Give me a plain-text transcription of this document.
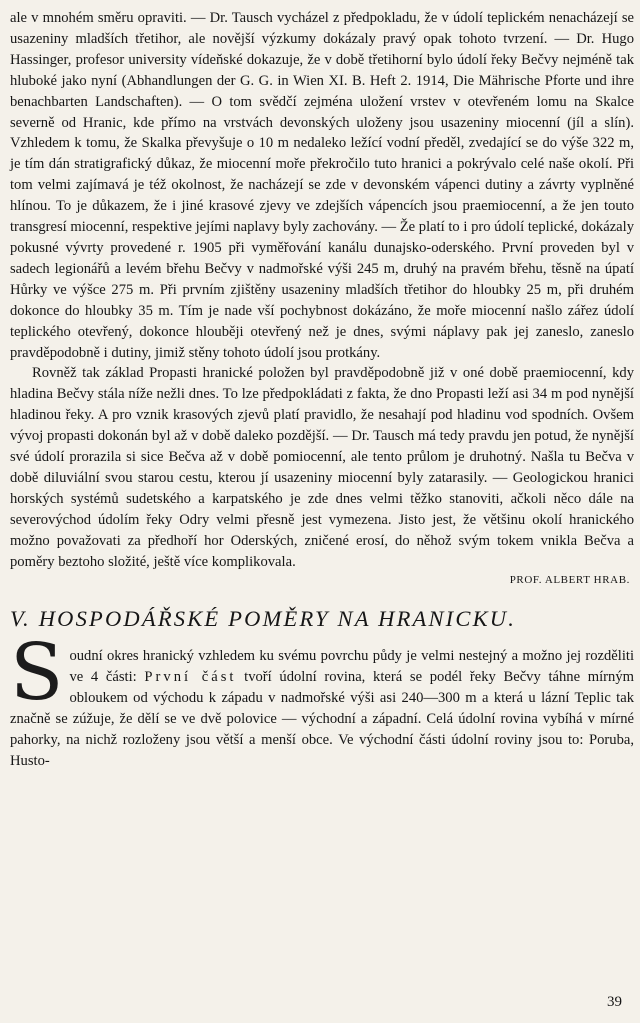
ale v mnohém směru opraviti. — Dr. Tausch vycházel z předpokladu, že v údolí teplickém nenacházejí se usazeniny mladších třetihor, ale novější výzkumy dokázaly pravý opak tohoto tvrzení. — Dr. Hugo Hassinger, profesor university vídeňské dokazuje, že v době třetihorní bylo údolí řeky Bečvy nejméně tak hluboké jako nyní (Abhandlungen der G. G. in Wien XI. B. Heft 2. 1914, Die Mährische Pforte und ihre benachbarten Landschaften). — O tom svědčí zejména uložení vrstev v otevřeném lomu na Skalce severně od Hranic, kde přímo na vrstvách devonských uloženy jsou usazeniny miocenní (jíl a slín). Vzhledem k tomu, že Skalka převyšuje o 10 m nedaleko ležící vodní předěl, zvedající se do výše 322 m, je tím dán stratigrafický důkaz, že miocenní moře překročilo tuto hranici a pokrývalo celé naše okolí. Při tom velmi zajímavá je též okolnost, že nacházejí se zde v devonském vápenci dutiny a závrty vyplněné hlínou. To je důkazem, že i jiné krasové zjevy ve zdejších vápencích jsou praemiocenní, a že jen touto transgresí miocenní, respektive jejími naplavy byly zachovány. — Že platí to i pro údolí teplické, dokázaly pokusné vývrty provedené r. 1905 při vyměřování kanálu dunajsko-oderského. První proveden byl v sadech legionářů a levém břehu Bečvy v nadmořské výši 245 m, druhý na pravém břehu, těsně na úpatí Hůrky ve výšce 275 m. Při prvním zjištěny usazeniny mladších třetihor do hloubky 25 m, při druhém dokonce do hloubky 35 m. Tím je nade vší pochybnost dokázáno, že moře miocenní našlo zářez údolí teplického otevřený, dokonce hlouběji otevřený než je dnes, svými náplavy pak jej zaneslo, zaneslo pravděpodobně i dutiny, jimiž stěny tohoto údolí jsou protkány.

Rovněž tak základ Propasti hranické položen byl pravděpodobně již v oné době praemiocenní, kdy hladina Bečvy stála níže nežli dnes. To lze předpokládati z fakta, že dno Propasti leží asi 34 m pod nynější hladinou řeky. A pro vznik krasových zjevů platí pravidlo, že nesahají pod hladinu vod spodních. Ovšem vývoj propasti dokonán byl až v době daleko pozdější. — Dr. Tausch má tedy pravdu jen potud, že nynější své údolí prorazila si sice Bečva až v době pomiocenní, ale tento průlom je druhotný. Našla tu Bečva v době diluviální svou starou cestu, kterou jí usazeniny miocenní byly zatarasily. — Geologickou hranici horských systémů sudetského a karpatského je zde dnes velmi těžko stanoviti, ačkoli něco dále na severovýchod údolím řeky Odry velmi přesně jest vymezena. Jisto jest, že většinu okolí hranického možno považovati za předhoří hor Oderských, zničené erosí, do něhož svým tokem vnikla Bečva a poměry beztoho složité, ještě více komplikovala.

PROF. ALBERT HRAB.
V. HOSPODÁŘSKÉ POMĚRY NA HRANICKU.

Soudní okres hranický vzhledem ku svému povrchu půdy je velmi nestejný a možno jej rozděliti ve 4 části: První část tvoří údolní rovina, která se podél řeky Bečvy táhne mírným obloukem od východu k západu v nadmořské výši asi 240—300 m a která u lázní Teplic tak značně se zúžuje, že dělí se ve dvě polovice — východní a západní. Celá údolní rovina vybíhá v mírné pahorky, na nichž rozloženy jsou větší a menší obce. Ve východní části údolní roviny jsou to: Poruba, Husto-

39
